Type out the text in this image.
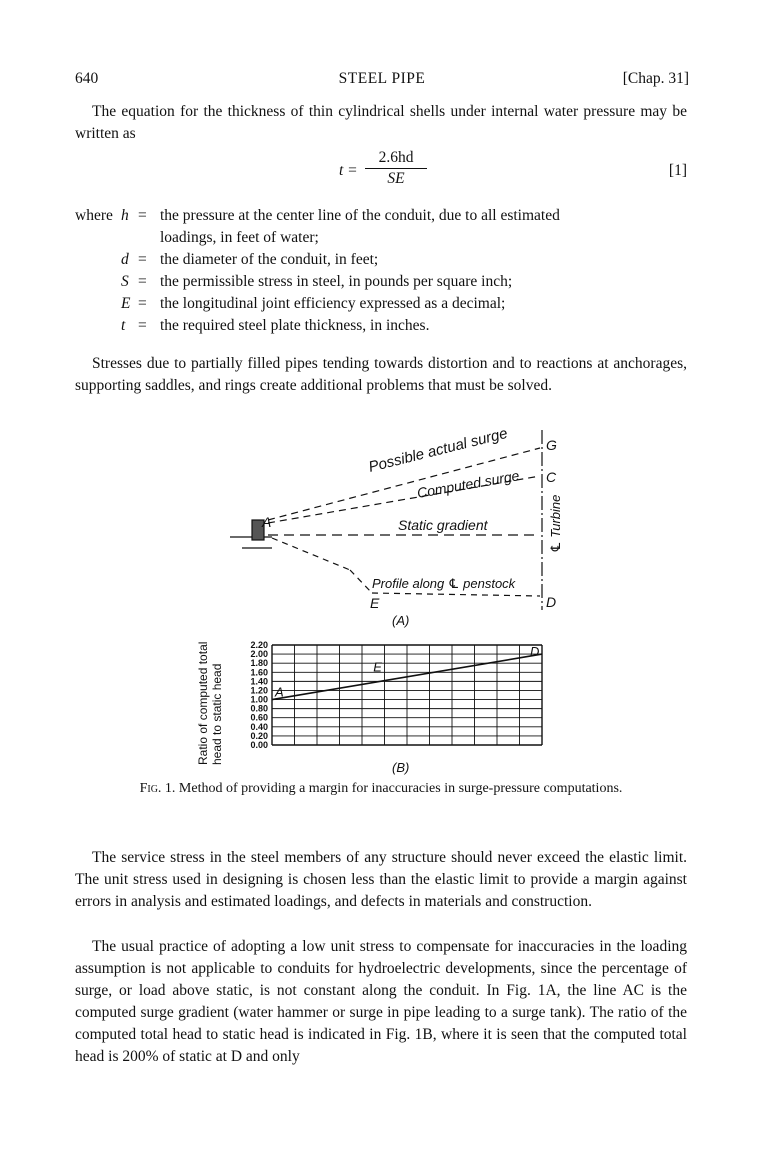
640	STEEL PIPE	[Chap. 31]

The equation for the thickness of thin cylindrical shells under internal water pressure may be written as

$t = \frac{2.6hd}{SE}$	[1]
where h = the pressure at the center line of the conduit, due to all estimated
loadings, in feet of water;
d = the diameter of the conduit, in feet;
S = the permissible stress in steel, in pounds per square inch;
E = the longitudinal joint efficiency expressed as a decimal;
t = the required steel plate thickness, in inches.

Stresses due to partially filled pipes tending towards distortion and to reactions at anchorages, supporting saddles, and rings create additional problems that must be solved.

Possible actual surge
Computed surge
Static gradient
Profile along ℄ penstock
℄ Turbine
A
G
C
D
E
(A)
Ratio of computed total head to static head
2.20
2.00
1.80
1.60
1.40
1.20
1.00
0.80
0.60
0.40
0.20
0.00
A
E
D
(B)
Fig. 1. Method of providing a margin for inaccuracies in surge-pressure computations.

The service stress in the steel members of any structure should never exceed the elastic limit. The unit stress used in designing is chosen less than the elastic limit to provide a margin against errors in analysis and estimated loadings, and defects in materials and construction.

The usual practice of adopting a low unit stress to compensate for inaccuracies in the loading assumption is not applicable to conduits for hydroelectric developments, since the percentage of surge, or load above static, is not constant along the conduit. In Fig. 1A, the line AC is the computed surge gradient (water hammer or surge in pipe leading to a surge tank). The ratio of the computed total head to static head is indicated in Fig. 1B, where it is seen that the computed total head is 200% of static at D and only
